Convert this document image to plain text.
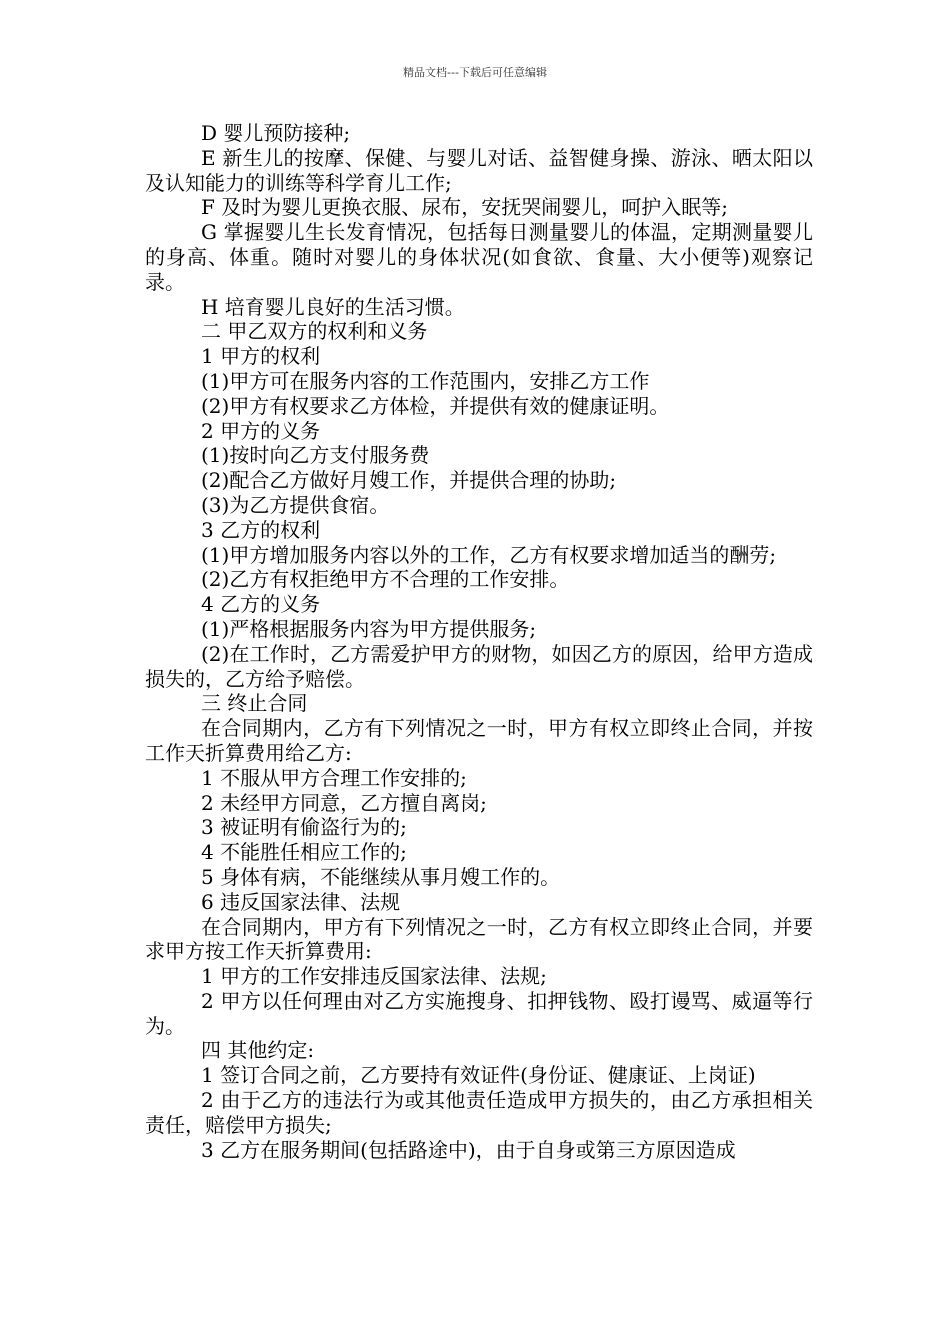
精品文档---下载后可任意编辑

D 婴儿预防接种;

E 新生儿的按摩、保健、与婴儿对话、益智健身操、游泳、晒太阳以及认知能力的训练等科学育儿工作;

F 及时为婴儿更换衣服、尿布，安抚哭闹婴儿，呵护入眠等;

G 掌握婴儿生长发育情况，包括每日测量婴儿的体温，定期测量婴儿的身高、体重。随时对婴儿的身体状况(如食欲、食量、大小便等)观察记录。

H 培育婴儿良好的生活习惯。

二 甲乙双方的权利和义务

1 甲方的权利

(1)甲方可在服务内容的工作范围内，安排乙方工作

(2)甲方有权要求乙方体检，并提供有效的健康证明。

2 甲方的义务

(1)按时向乙方支付服务费

(2)配合乙方做好月嫂工作，并提供合理的协助;

(3)为乙方提供食宿。

3 乙方的权利

(1)甲方增加服务内容以外的工作，乙方有权要求增加适当的酬劳;

(2)乙方有权拒绝甲方不合理的工作安排。

4 乙方的义务

(1)严格根据服务内容为甲方提供服务;

(2)在工作时，乙方需爱护甲方的财物，如因乙方的原因，给甲方造成损失的，乙方给予赔偿。

三 终止合同

在合同期内，乙方有下列情况之一时，甲方有权立即终止合同，并按工作天折算费用给乙方:

1 不服从甲方合理工作安排的;

2 未经甲方同意，乙方擅自离岗;

3 被证明有偷盗行为的;

4 不能胜任相应工作的;

5 身体有病，不能继续从事月嫂工作的。

6 违反国家法律、法规

在合同期内，甲方有下列情况之一时，乙方有权立即终止合同，并要求甲方按工作天折算费用:

1 甲方的工作安排违反国家法律、法规;

2 甲方以任何理由对乙方实施搜身、扣押钱物、殴打谩骂、威逼等行为。

四 其他约定:

1 签订合同之前，乙方要持有效证件(身份证、健康证、上岗证)

2 由于乙方的违法行为或其他责任造成甲方损失的，由乙方承担相关责任，赔偿甲方损失;

3 乙方在服务期间(包括路途中)，由于自身或第三方原因造成
